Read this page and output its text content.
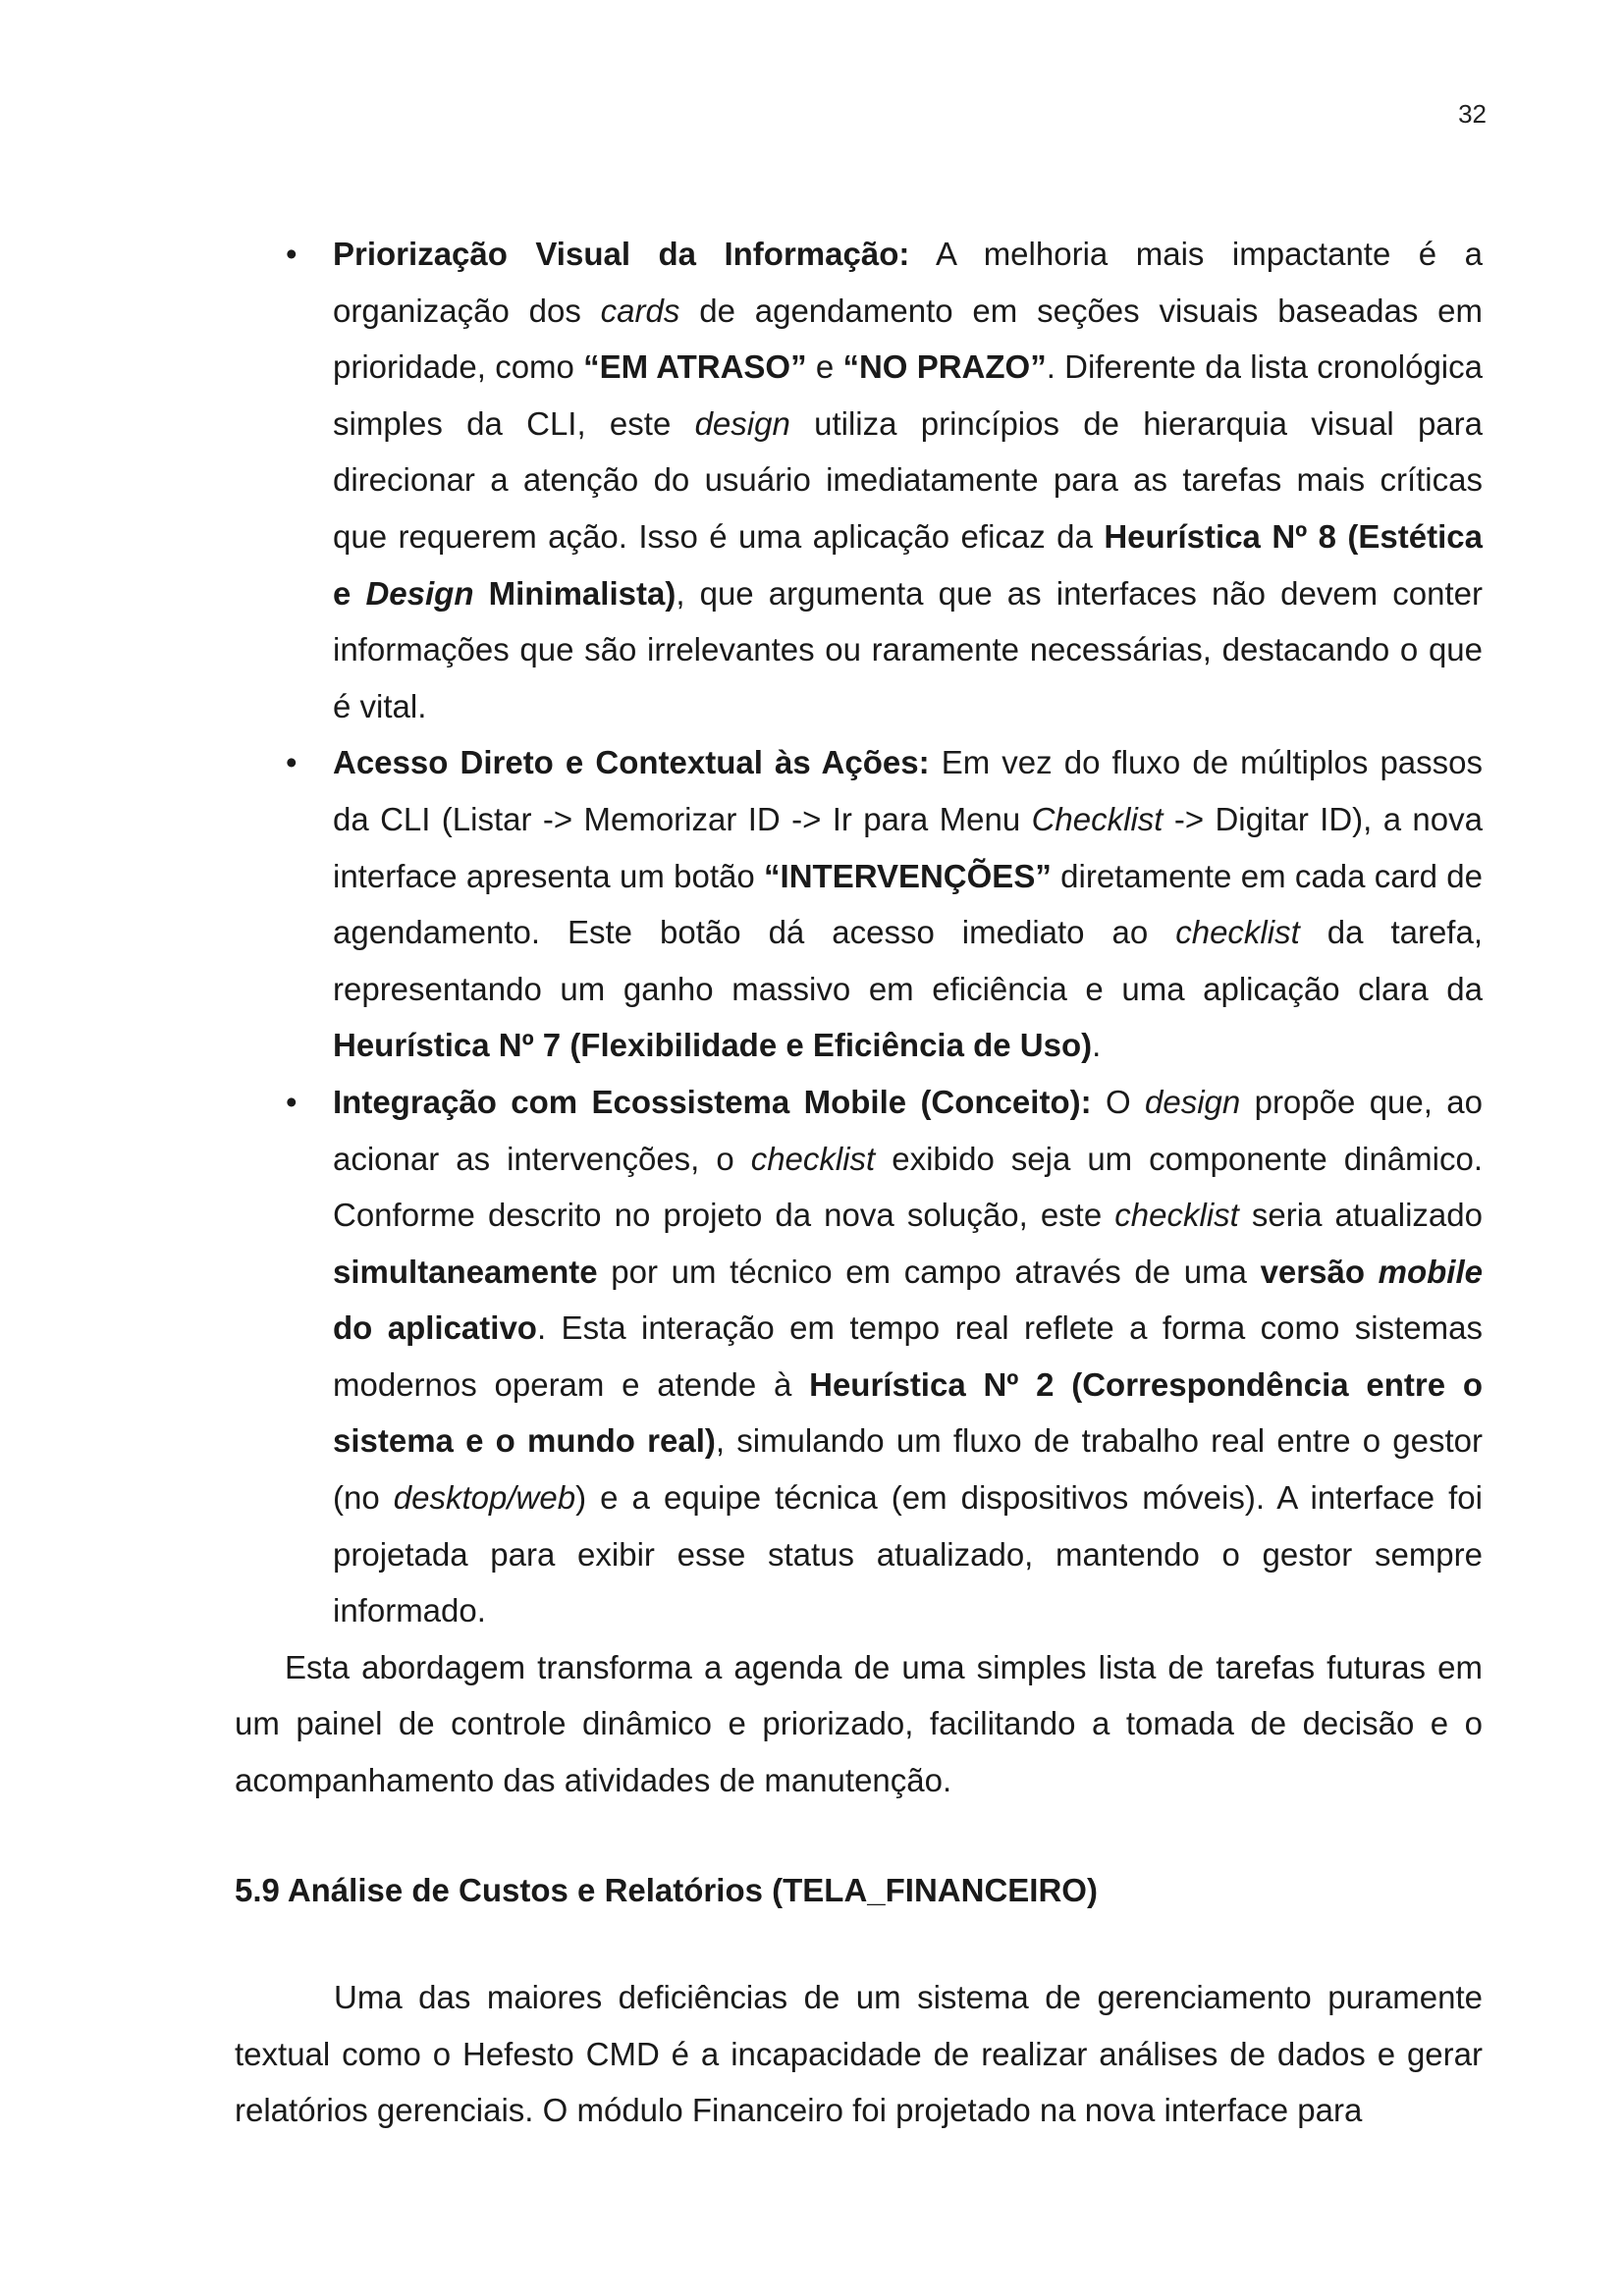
32
• Priorização Visual da Informação: A melhoria mais impactante é a organização dos cards de agendamento em seções visuais baseadas em prioridade, como “EM ATRASO” e “NO PRAZO”. Diferente da lista cronológica simples da CLI, este design utiliza princípios de hierarquia visual para direcionar a atenção do usuário imediatamente para as tarefas mais críticas que requerem ação. Isso é uma aplicação eficaz da Heurística Nº 8 (Estética e Design Minimalista), que argumenta que as interfaces não devem conter informações que são irrelevantes ou raramente necessárias, destacando o que é vital.

• Acesso Direto e Contextual às Ações: Em vez do fluxo de múltiplos passos da CLI (Listar -> Memorizar ID -> Ir para Menu Checklist -> Digitar ID), a nova interface apresenta um botão “INTERVENÇÕES” diretamente em cada card de agendamento. Este botão dá acesso imediato ao checklist da tarefa, representando um ganho massivo em eficiência e uma aplicação clara da Heurística Nº 7 (Flexibilidade e Eficiência de Uso).

• Integração com Ecossistema Mobile (Conceito): O design propõe que, ao acionar as intervenções, o checklist exibido seja um componente dinâmico. Conforme descrito no projeto da nova solução, este checklist seria atualizado simultaneamente por um técnico em campo através de uma versão mobile do aplicativo. Esta interação em tempo real reflete a forma como sistemas modernos operam e atende à Heurística Nº 2 (Correspondência entre o sistema e o mundo real), simulando um fluxo de trabalho real entre o gestor (no desktop/web) e a equipe técnica (em dispositivos móveis). A interface foi projetada para exibir esse status atualizado, mantendo o gestor sempre informado.

Esta abordagem transforma a agenda de uma simples lista de tarefas futuras em um painel de controle dinâmico e priorizado, facilitando a tomada de decisão e o acompanhamento das atividades de manutenção.

5.9 Análise de Custos e Relatórios (TELA_FINANCEIRO)

Uma das maiores deficiências de um sistema de gerenciamento puramente textual como o Hefesto CMD é a incapacidade de realizar análises de dados e gerar relatórios gerenciais. O módulo Financeiro foi projetado na nova interface para
